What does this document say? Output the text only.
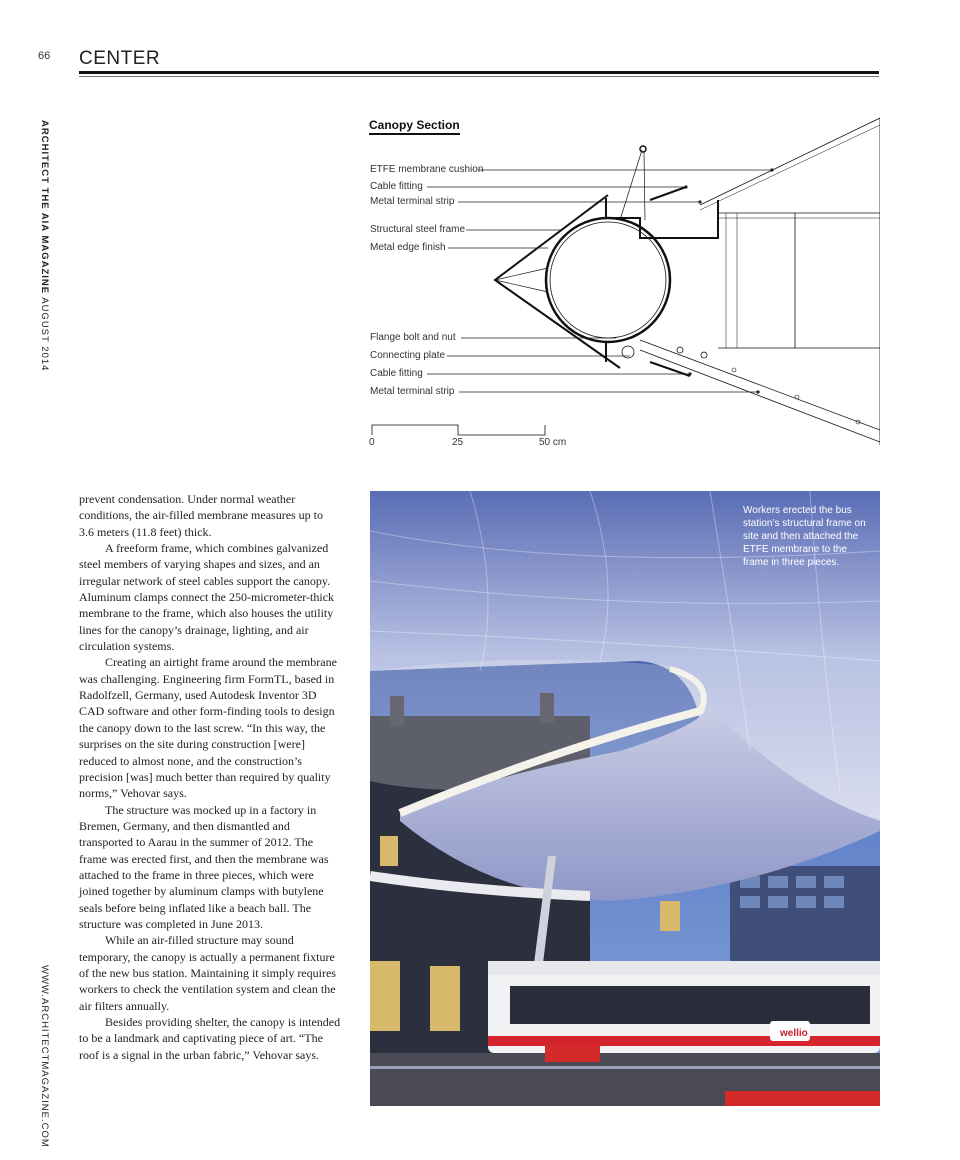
66 CENTER
ARCHITECT THE AIA MAGAZINE AUGUST 2014
WWW.ARCHITECTMAGAZINE.COM
Canopy Section
ETFE membrane cushion
Cable fitting
Metal terminal strip
Structural steel frame
Metal edge finish
Flange bolt and nut
Connecting plate
Cable fitting
Metal terminal strip
0	25	50 cm

prevent condensation. Under normal weather conditions, the air-filled membrane measures up to 3.6 meters (11.8 feet) thick.

A freeform frame, which combines galvanized steel members of varying shapes and sizes, and an irregular network of steel cables support the canopy. Aluminum clamps connect the 250-micrometer-thick membrane to the frame, which also houses the utility lines for the canopy’s drainage, lighting, and air circulation systems.

Creating an airtight frame around the membrane was challenging. Engineering firm FormTL, based in Radolfzell, Germany, used Autodesk Inventor 3D CAD software and other form-finding tools to design the canopy down to the last screw. “In this way, the surprises on the site during construction [were] reduced to almost none, and the construction’s precision [was] much better than required by quality norms,” Vehovar says.

The structure was mocked up in a factory in Bremen, Germany, and then dismantled and transported to Aarau in the summer of 2012. The frame was erected first, and then the membrane was attached to the frame in three pieces, which were joined together by aluminum clamps with butylene seals before being inflated like a beach ball. The structure was completed in June 2013.

While an air-filled structure may sound temporary, the canopy is actually a permanent fixture of the new bus station. Maintaining it simply requires workers to check the ventilation system and clean the air filters annually.

Besides providing shelter, the canopy is intended to be a landmark and captivating piece of art. “The roof is a signal in the urban fabric,” Vehovar says.

wellio
Workers erected the bus station’s structural frame on site and then attached the ETFE membrane to the frame in three pieces.
